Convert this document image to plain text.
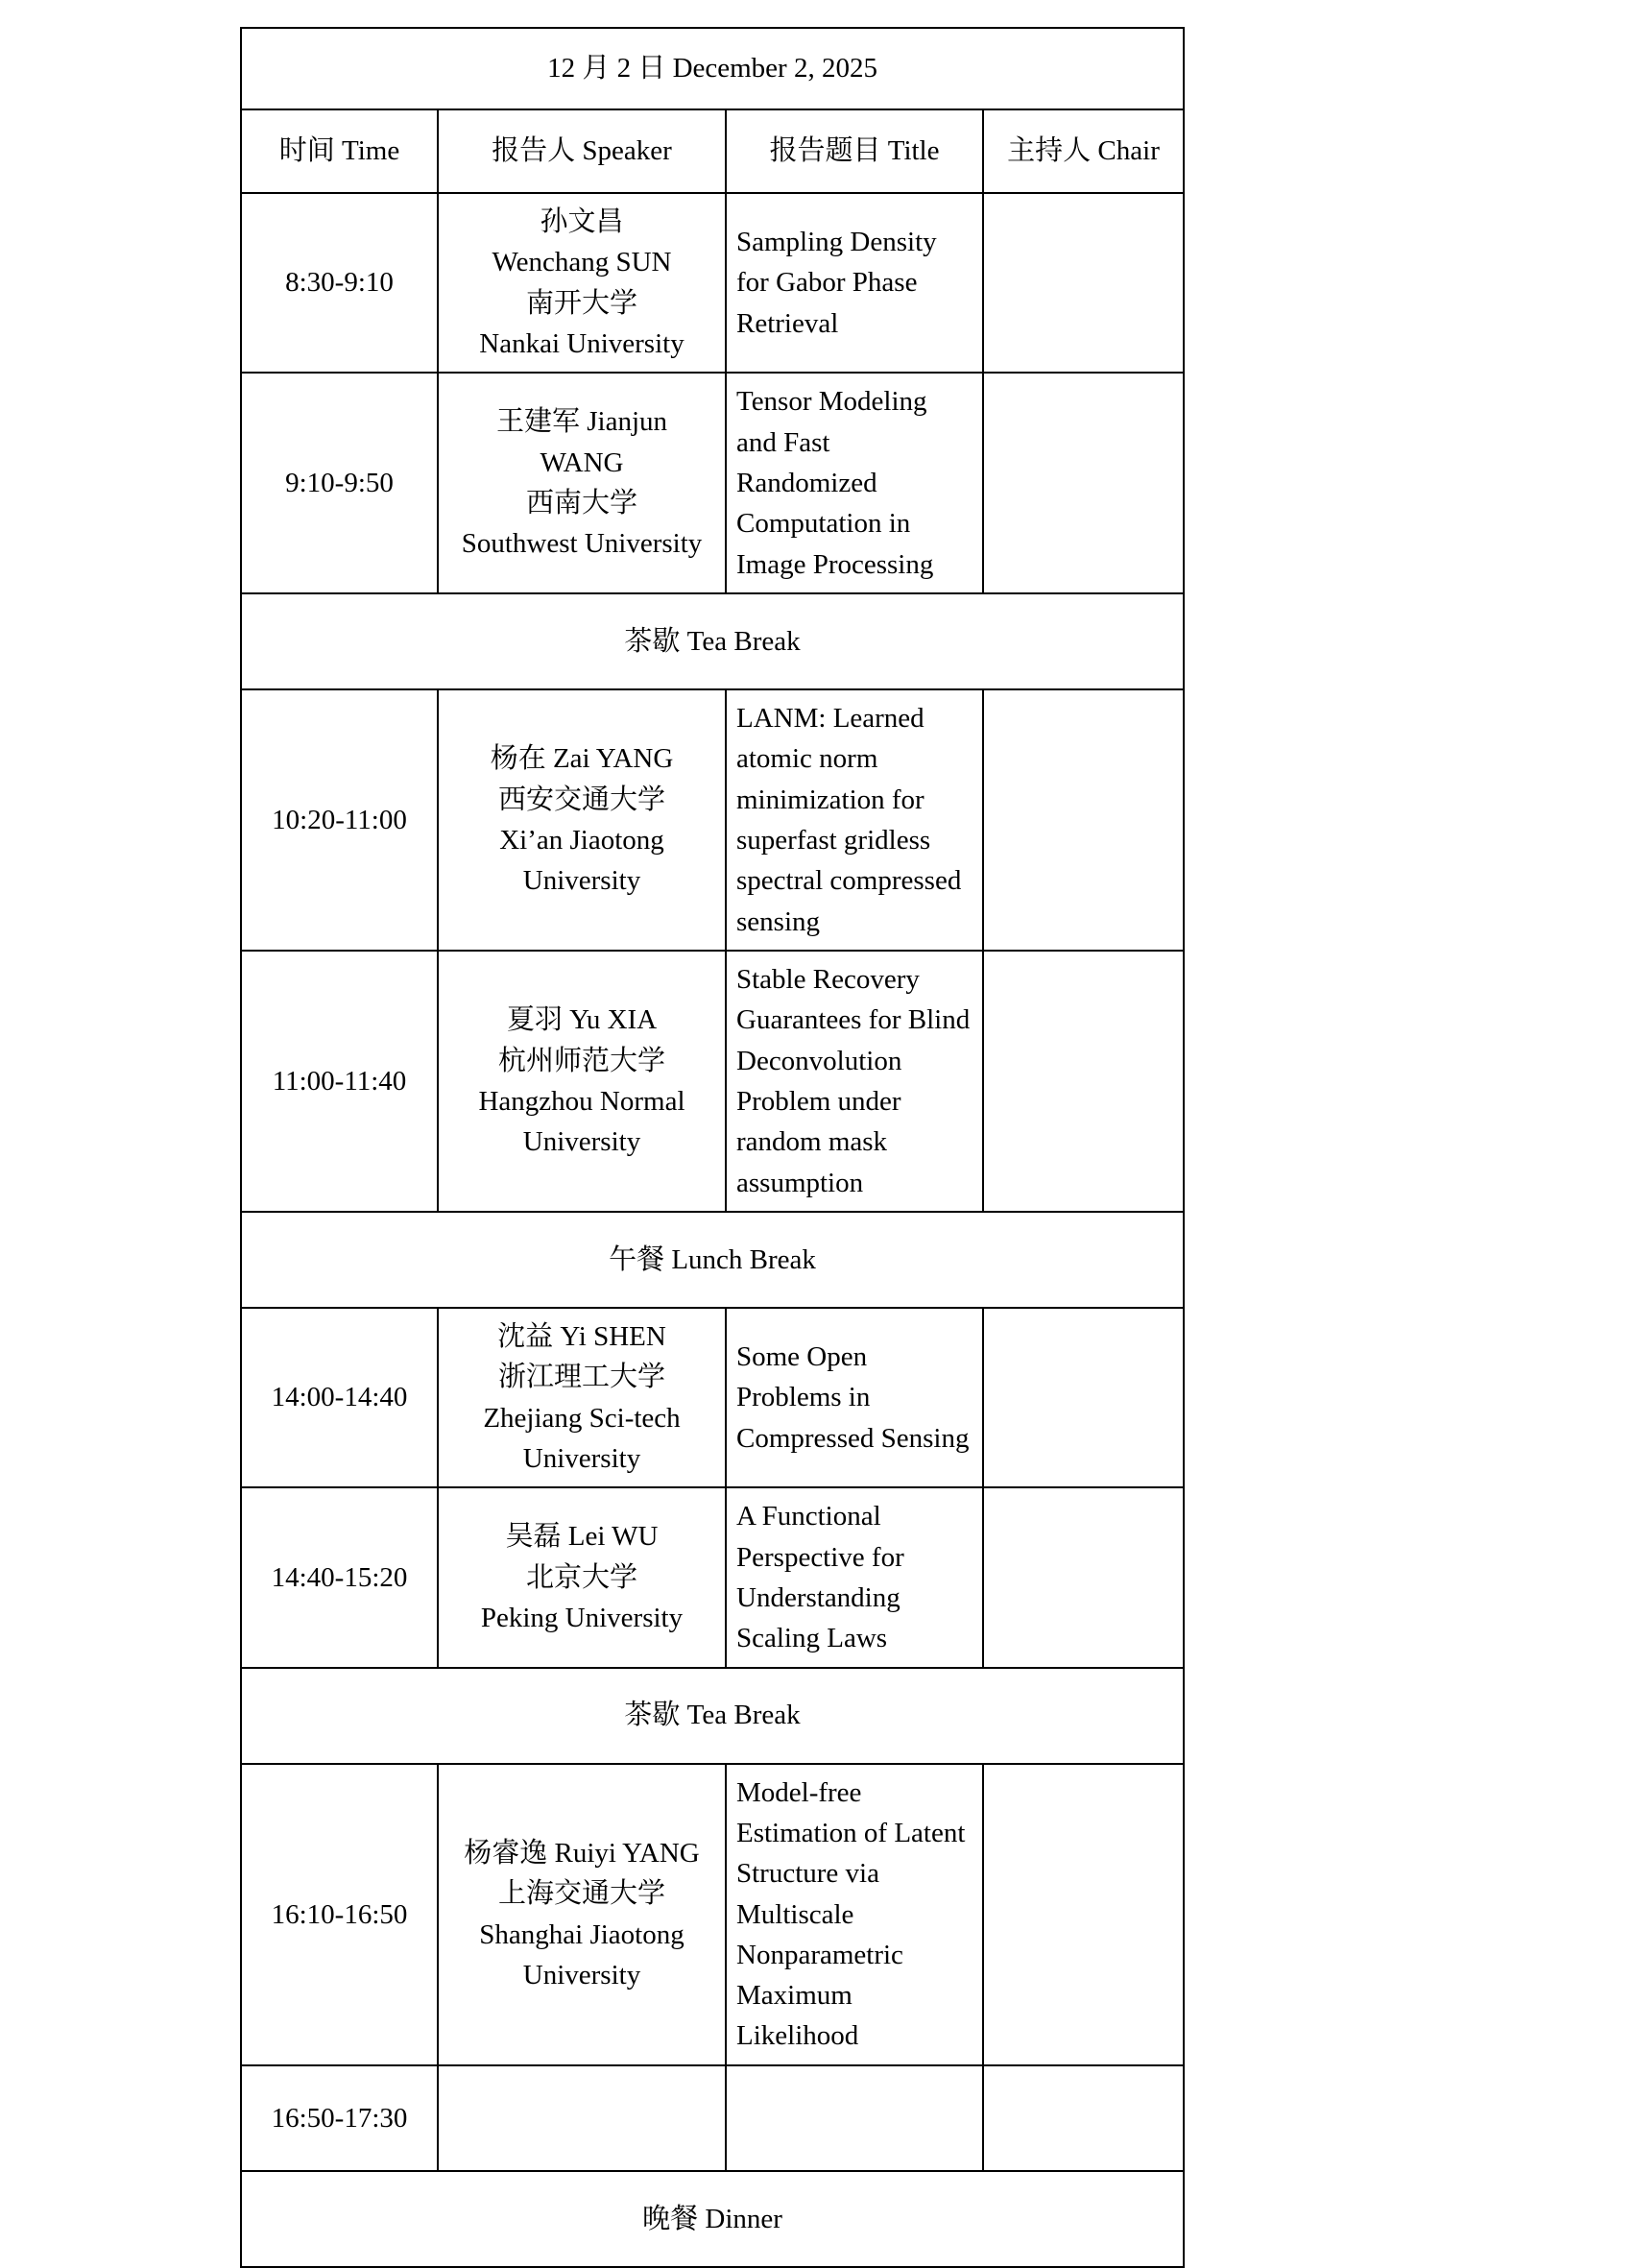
12 月 2 日 December 2, 2025			
时间 Time	报告人 Speaker	报告题目 Title	主持人 Chair
8:30-9:10	孙文昌
Wenchang SUN
南开大学
Nankai University	Sampling Density for Gabor Phase Retrieval	

9:10-9:50	王建军 Jianjun
WANG
西南大学
Southwest University	Tensor Modeling and Fast Randomized Computation in Image Processing	

茶歇 Tea Break			
10:20-11:00	杨在 Zai YANG
西安交通大学
Xi’an Jiaotong
University	LANM: Learned atomic norm minimization for superfast gridless spectral compressed sensing	

11:00-11:40	夏羽 Yu XIA
杭州师范大学
Hangzhou Normal
University	Stable Recovery Guarantees for Blind Deconvolution Problem under random mask assumption	

午餐 Lunch Break			
14:00-14:40	沈益 Yi SHEN
浙江理工大学
Zhejiang Sci-tech
University	Some Open Problems in Compressed Sensing	

14:40-15:20	吴磊 Lei WU
北京大学
Peking University	A Functional Perspective for Understanding Scaling Laws	

茶歇 Tea Break			
16:10-16:50	杨睿逸 Ruiyi YANG
上海交通大学
Shanghai Jiaotong
University	Model-free Estimation of Latent Structure via Multiscale Nonparametric Maximum Likelihood	

16:50-17:30		

晚餐 Dinner			
